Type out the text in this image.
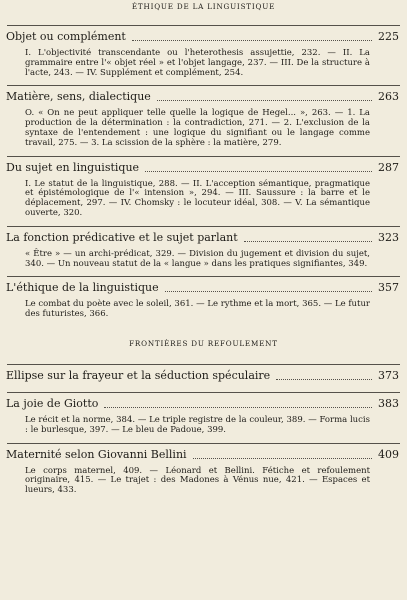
ÉTHIQUE DE LA LINGUISTIQUE
Objet ou complément	225
I. L'objectivité transcendante ou l'heterothesis assujettie, 232. — II. La grammaire entre l'« objet réel » et l'objet langage, 237. — III. De la structure à l'acte, 243. — IV. Supplément et complément, 254.
Matière, sens, dialectique	263
O. « On ne peut appliquer telle quelle la logique de Hegel... », 263. — 1. La production de la détermination : la contradiction, 271. — 2. L'exclusion de la syntaxe de l'entendement : une logique du signifiant ou le langage comme travail, 275. — 3. La scission de la sphère : la matière, 279.
Du sujet en linguistique	287
I. Le statut de la linguistique, 288. — II. L'acception sémantique, pragmatique et épistémologique de l'« intension », 294. — III. Saussure : la barre et le déplacement, 297. — IV. Chomsky : le locuteur idéal, 308. — V. La sémantique ouverte, 320.
La fonction prédicative et le sujet parlant	323
« Être » — un archi-prédicat, 329. — Division du jugement et division du sujet, 340. — Un nouveau statut de la « langue » dans les pratiques signifiantes, 349.
L'éthique de la linguistique	357
Le combat du poète avec le soleil, 361. — Le rythme et la mort, 365. — Le futur des futuristes, 366.
FRONTIÈRES DU REFOULEMENT
Ellipse sur la frayeur et la séduction spéculaire	373
La joie de Giotto	383
Le récit et la norme, 384. — Le triple registre de la couleur, 389. — Forma lucis : le burlesque, 397. — Le bleu de Padoue, 399.
Maternité selon Giovanni Bellini	409
Le corps maternel, 409. — Léonard et Bellini. Fétiche et refoulement originaire, 415. — Le trajet : des Madones à Vénus nue, 421. — Espaces et lueurs, 433.
